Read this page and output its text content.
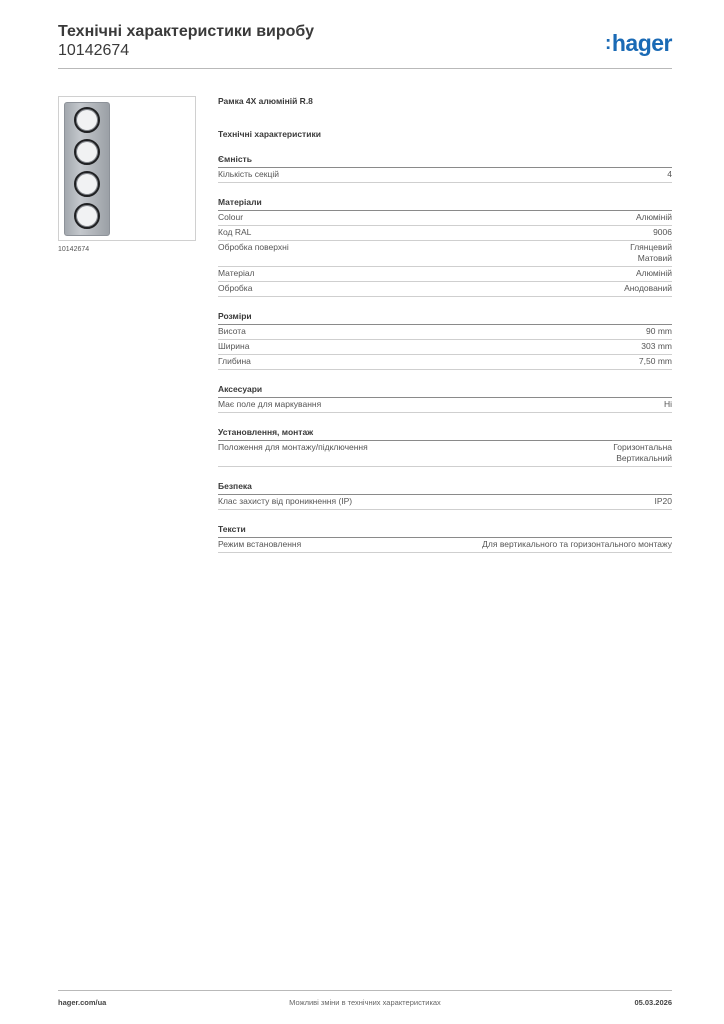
Технічні характеристики виробу
10142674	:hager
10142674
Рамка 4X алюміній R.8
Технічні характеристики
Ємність
Кількість секцій	4
Матеріали
Colour	Алюміній
Код RAL	9006
Обробка поверхні	Глянцевий
Матовий
Матеріал	Алюміній
Обробка	Анодований
Розміри
Висота	90 mm
Ширина	303 mm
Глибина	7,50 mm
Аксесуари
Має поле для маркування	Ні
Установлення, монтаж
Положення для монтажу/підключення	Горизонтальна
Вертикальний
Безпека
Клас захисту від проникнення (IP)	IP20
Тексти
Режим встановлення	Для вертикального та горизонтального монтажу
hager.com/ua	Можливі зміни в технічних характеристиках	05.03.2026
